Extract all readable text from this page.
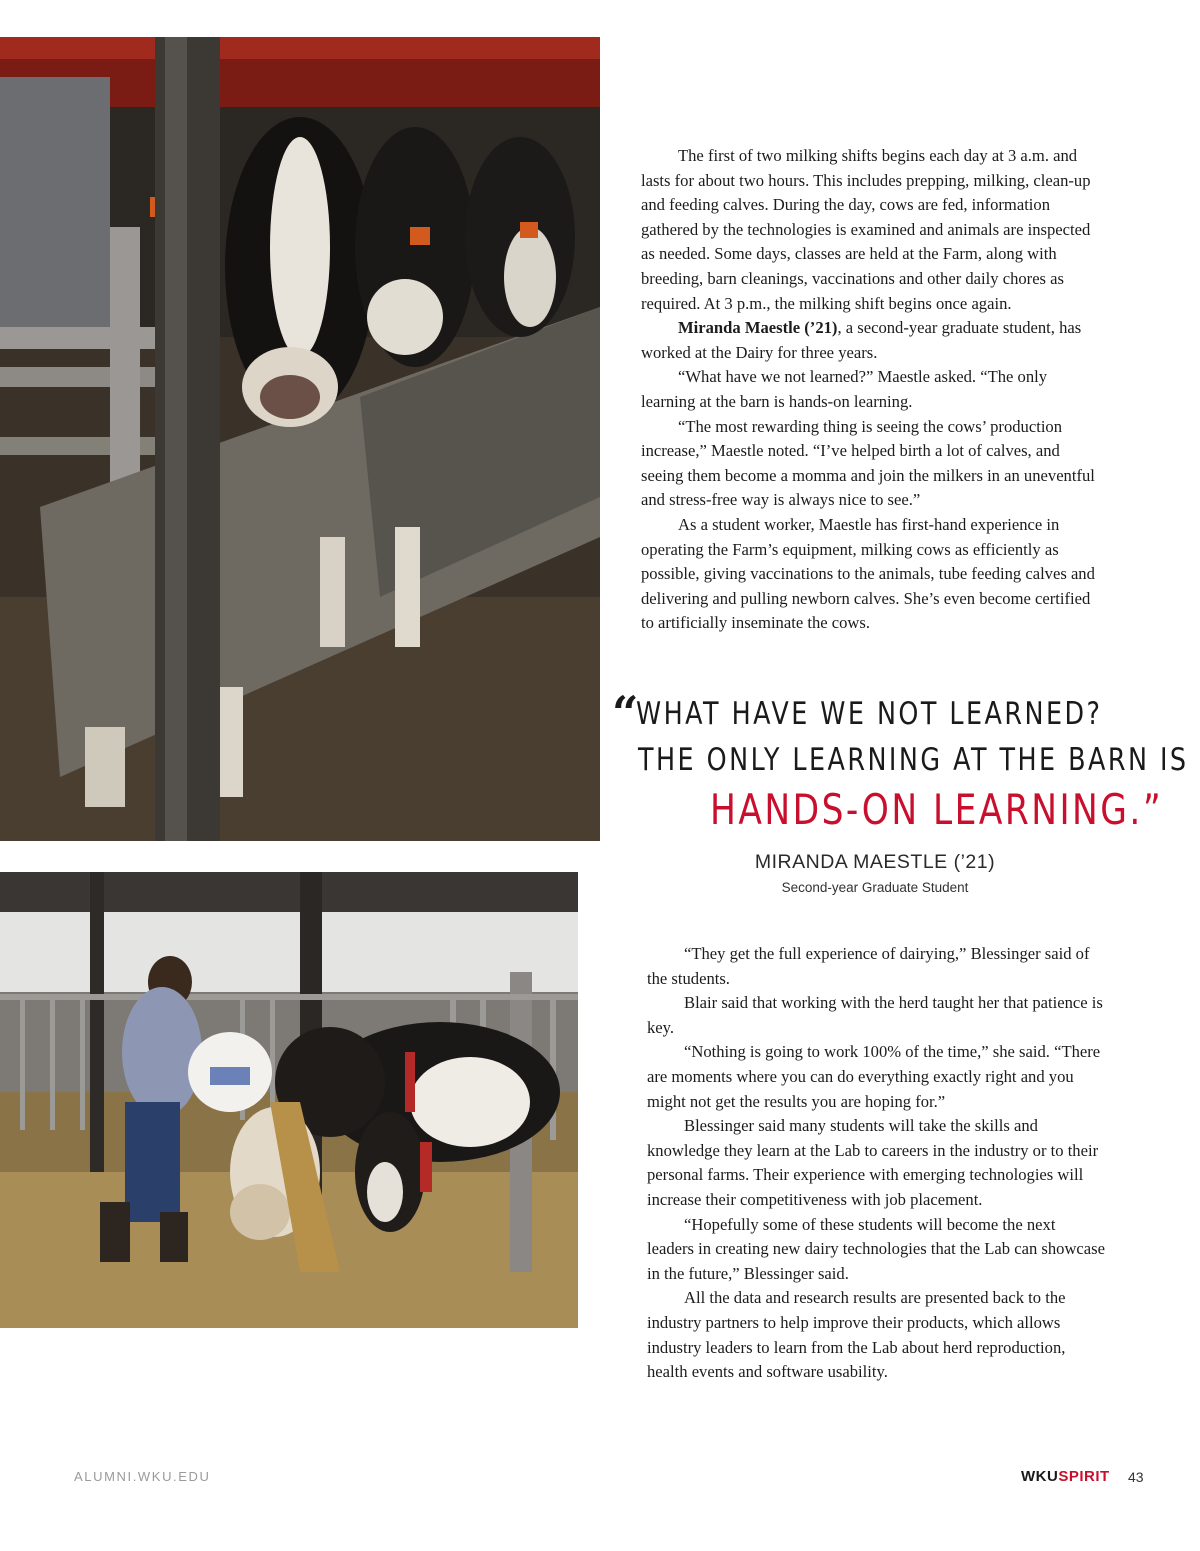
The first of two milking shifts begins each day at 3 a.m. and lasts for about two hours. This includes prepping, milking, clean-up and feeding calves. During the day, cows are fed, information gathered by the technologies is examined and animals are inspected as needed. Some days, classes are held at the Farm, along with breeding, barn cleanings, vaccinations and other daily chores as required. At 3 p.m., the milking shift begins once again.

Miranda Maestle (’21), a second-year graduate student, has worked at the Dairy for three years.

“What have we not learned?” Maestle asked. “The only learning at the barn is hands-on learning.

“The most rewarding thing is seeing the cows’ production increase,” Maestle noted. “I’ve helped birth a lot of calves, and seeing them become a momma and join the milkers in an uneventful and stress-free way is always nice to see.”

As a student worker, Maestle has first-hand experience in operating the Farm’s equipment, milking cows as efficiently as possible, giving vaccinations to the animals, tube feeding calves and delivering and pulling newborn calves. She’s even become certified to artificially inseminate the cows.

“
WHAT HAVE WE NOT LEARNED?
THE ONLY LEARNING AT THE BARN IS
HANDS-ON LEARNING.”
MIRANDA MAESTLE (’21)
Second-year Graduate Student

“They get the full experience of dairying,” Blessinger said of the students.

Blair said that working with the herd taught her that patience is key.

“Nothing is going to work 100% of the time,” she said. “There are moments where you can do everything exactly right and you might not get the results you are hoping for.”

Blessinger said many students will take the skills and knowledge they learn at the Lab to careers in the industry or to their personal farms. Their experience with emerging technologies will increase their competitiveness with job placement.

“Hopefully some of these students will become the next leaders in creating new dairy technologies that the Lab can showcase in the future,” Blessinger said.

All the data and research results are presented back to the industry partners to help improve their products, which allows industry leaders to learn from the Lab about herd reproduction, health events and software usability.

ALUMNI.WKU.EDU	WKUSPIRIT 43
